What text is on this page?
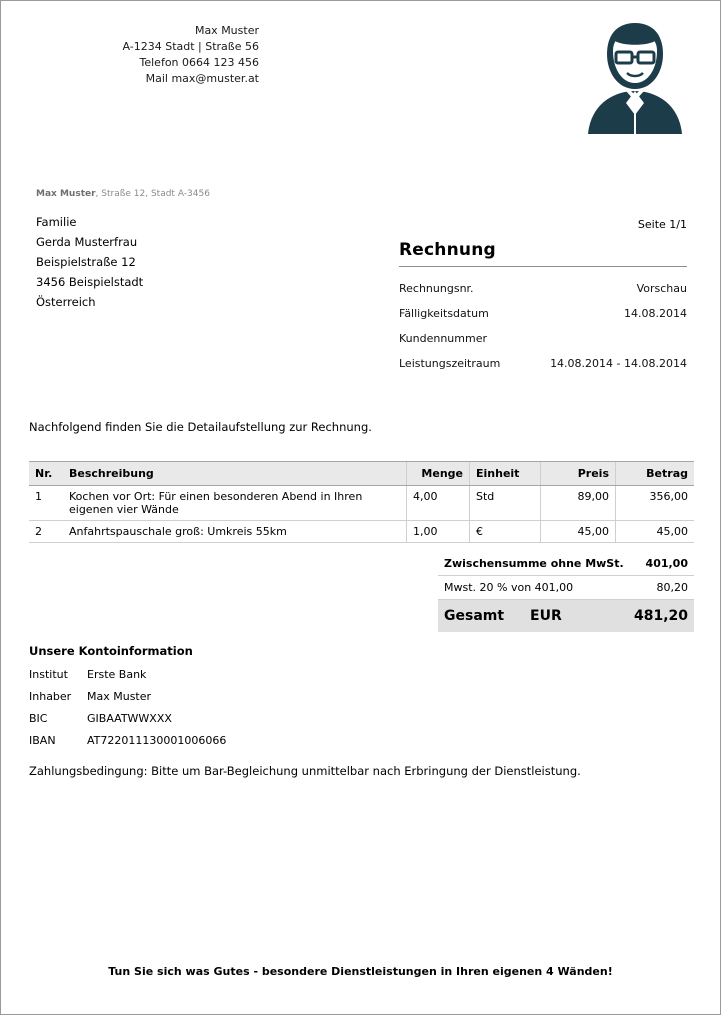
Max Muster
A-1234 Stadt | Straße 56
Telefon 0664 123 456
Mail max@muster.at
Max Muster, Straße 12, Stadt A-3456
Familie
Gerda Musterfrau
Beispielstraße 12
3456 Beispielstadt
Österreich
Seite 1/1
Rechnung
Rechnungsnr.	Vorschau
Fälligkeitsdatum	14.08.2014
Kundennummer
Leistungszeitraum	14.08.2014 - 14.08.2014
Nachfolgend finden Sie die Detailaufstellung zur Rechnung.
Nr.	Beschreibung	Menge	Einheit	Preis	Betrag
1	Kochen vor Ort: Für einen besonderen Abend in Ihren eigenen vier Wände	4,00	Std	89,00	356,00
2	Anfahrtspauschale groß: Umkreis 55km	1,00	€	45,00	45,00
Zwischensumme ohne MwSt. 401,00
Mwst. 20 % von 401,00	80,20
Gesamt EUR	481,20
Unsere Kontoinformation
Institut	Erste Bank
Inhaber	Max Muster
BIC	GIBAATWWXXX
IBAN	AT722011130001006066
Zahlungsbedingung: Bitte um Bar-Begleichung unmittelbar nach Erbringung der Dienstleistung.
Tun Sie sich was Gutes - besondere Dienstleistungen in Ihren eigenen 4 Wänden!
